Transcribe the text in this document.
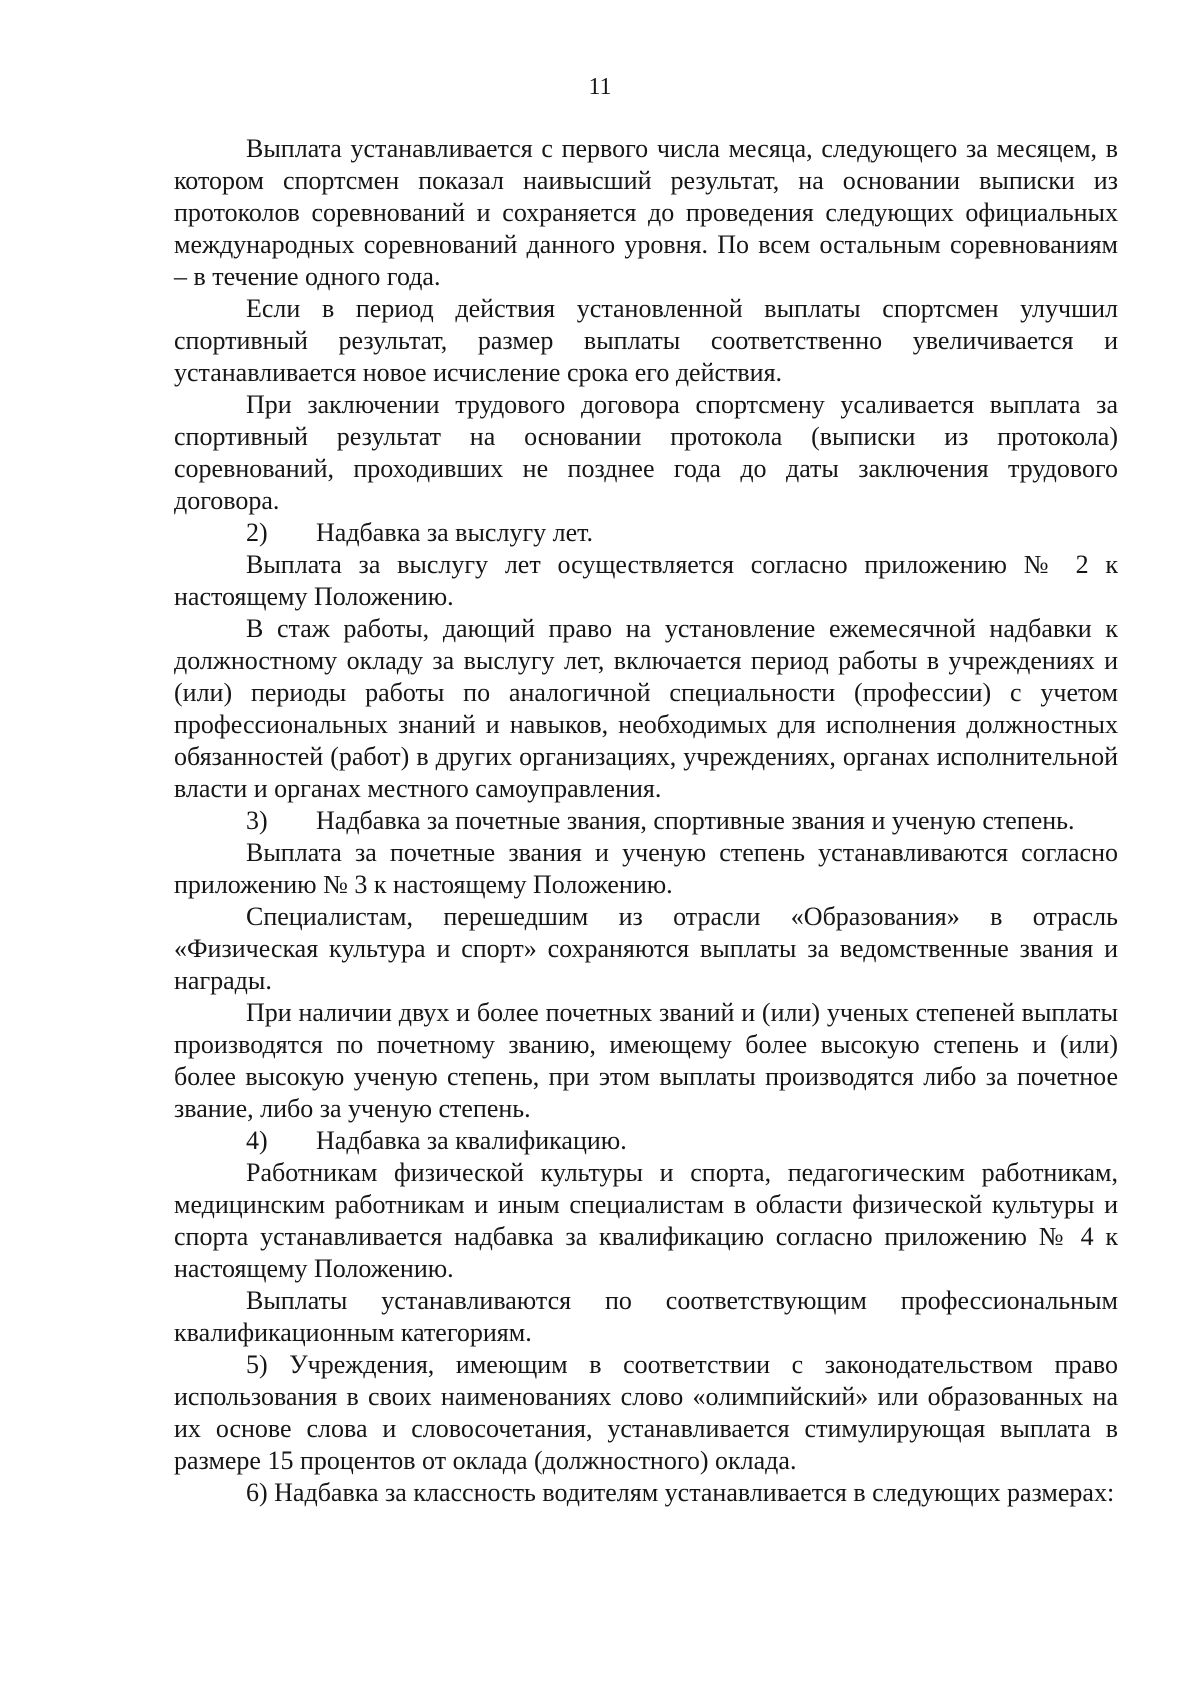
11

Выплата устанавливается с первого числа месяца, следующего за месяцем, в котором спортсмен показал наивысший результат, на основании выписки из протоколов соревнований и сохраняется до проведения следующих официальных международных соревнований данного уровня. По всем остальным соревнованиям – в течение одного года.

Если в период действия установленной выплаты спортсмен улучшил спортивный результат, размер выплаты соответственно увеличивается и устанавливается новое исчисление срока его действия.

При заключении трудового договора спортсмену усаливается выплата за спортивный результат на основании протокола (выписки из протокола) соревнований, проходивших не позднее года до даты заключения трудового договора.

2) Надбавка за выслугу лет.

Выплата за выслугу лет осуществляется согласно приложению № 2 к настоящему Положению.

В стаж работы, дающий право на установление ежемесячной надбавки к должностному окладу за выслугу лет, включается период работы в учреждениях и (или) периоды работы по аналогичной специальности (профессии) с учетом профессиональных знаний и навыков, необходимых для исполнения должностных обязанностей (работ) в других организациях, учреждениях, органах исполнительной власти и органах местного самоуправления.

3) Надбавка за почетные звания, спортивные звания и ученую степень.

Выплата за почетные звания и ученую степень устанавливаются согласно приложению № 3 к настоящему Положению.

Специалистам, перешедшим из отрасли «Образования» в отрасль «Физическая культура и спорт» сохраняются выплаты за ведомственные звания и награды.

При наличии двух и более почетных званий и (или) ученых степеней выплаты производятся по почетному званию, имеющему более высокую степень и (или) более высокую ученую степень, при этом выплаты производятся либо за почетное звание, либо за ученую степень.

4) Надбавка за квалификацию.

Работникам физической культуры и спорта, педагогическим работникам, медицинским работникам и иным специалистам в области физической культуры и спорта устанавливается надбавка за квалификацию согласно приложению № 4 к настоящему Положению.

Выплаты устанавливаются по соответствующим профессиональным квалификационным категориям.

5) Учреждения, имеющим в соответствии с законодательством право использования в своих наименованиях слово «олимпийский» или образованных на их основе слова и словосочетания, устанавливается стимулирующая выплата в размере 15 процентов от оклада (должностного) оклада.

6) Надбавка за классность водителям устанавливается в следующих размерах:
